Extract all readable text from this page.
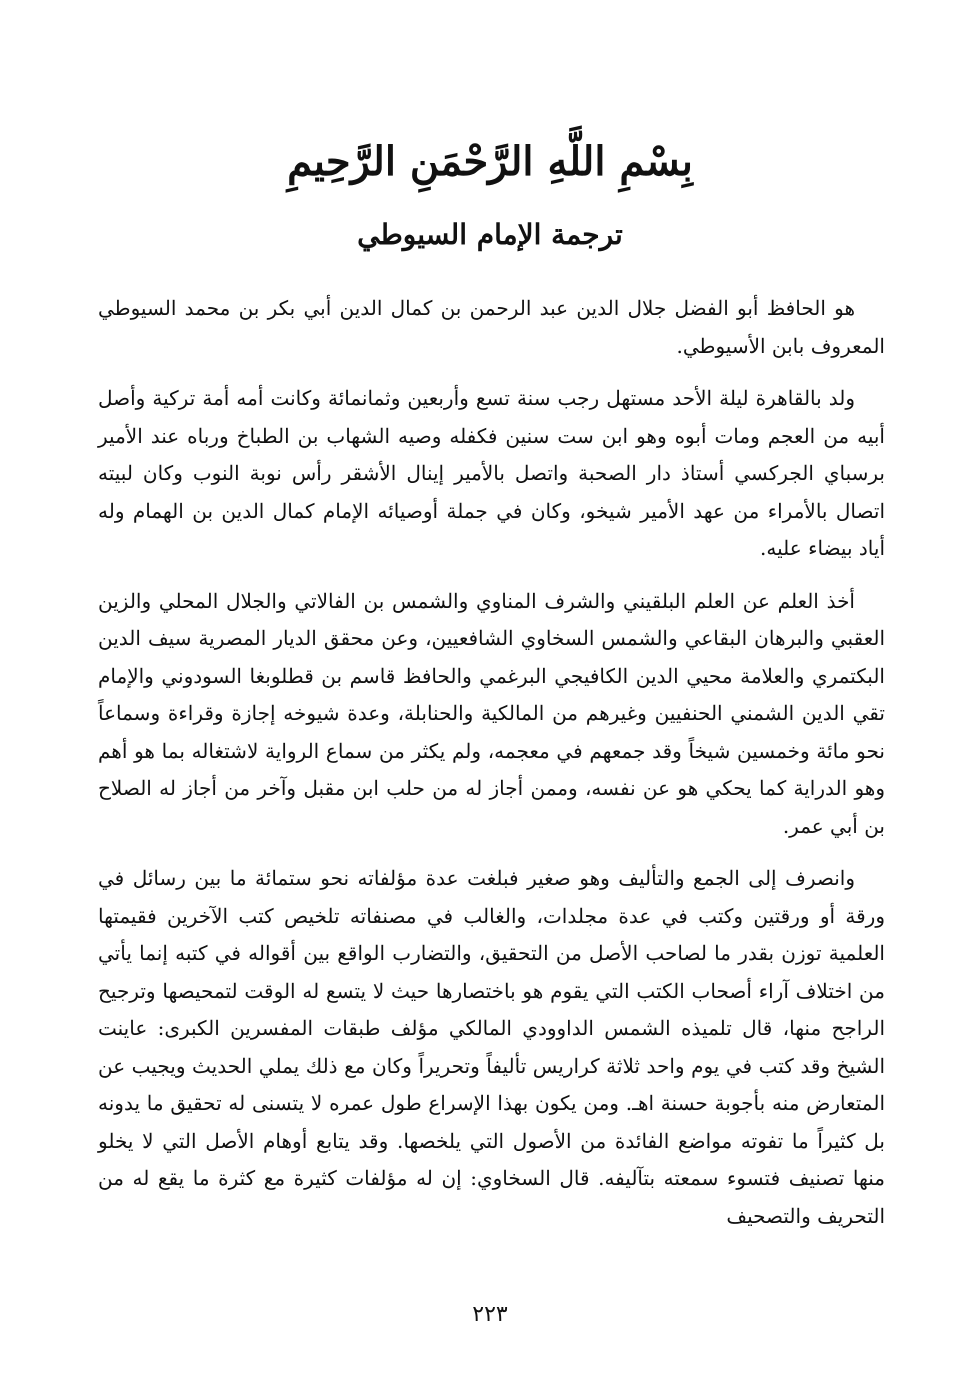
بِسْمِ اللَّهِ الرَّحْمَنِ الرَّحِيمِ
ترجمة الإمام السيوطي

هو الحافظ أبو الفضل جلال الدين عبد الرحمن بن كمال الدين أبي بكر بن محمد السيوطي المعروف بابن الأسيوطي.

ولد بالقاهرة ليلة الأحد مستهل رجب سنة تسع وأربعين وثمانمائة وكانت أمه أمة تركية وأصل أبيه من العجم ومات أبوه وهو ابن ست سنين فكفله وصيه الشهاب بن الطباخ ورباه عند الأمير برسباي الجركسي أستاذ دار الصحبة واتصل بالأمير إينال الأشقر رأس نوبة النوب وكان لبيته اتصال بالأمراء من عهد الأمير شيخو، وكان في جملة أوصيائه الإمام كمال الدين بن الهمام وله أياد بيضاء عليه.

أخذ العلم عن العلم البلقيني والشرف المناوي والشمس بن الفالاتي والجلال المحلي والزين العقبي والبرهان البقاعي والشمس السخاوي الشافعيين، وعن محقق الديار المصرية سيف الدين البكتمري والعلامة محيي الدين الكافيجي البرغمي والحافظ قاسم بن قطلوبغا السودوني والإمام تقي الدين الشمني الحنفيين وغيرهم من المالكية والحنابلة، وعدة شيوخه إجازة وقراءة وسماعاً نحو مائة وخمسين شيخاً وقد جمعهم في معجمه، ولم يكثر من سماع الرواية لاشتغاله بما هو أهم وهو الدراية كما يحكي هو عن نفسه، وممن أجاز له من حلب ابن مقبل وآخر من أجاز له الصلاح بن أبي عمر.

وانصرف إلى الجمع والتأليف وهو صغير فبلغت عدة مؤلفاته نحو ستمائة ما بين رسائل في ورقة أو ورقتين وكتب في عدة مجلدات، والغالب في مصنفاته تلخيص كتب الآخرين فقيمتها العلمية توزن بقدر ما لصاحب الأصل من التحقيق، والتضارب الواقع بين أقواله في كتبه إنما يأتي من اختلاف آراء أصحاب الكتب التي يقوم هو باختصارها حيث لا يتسع له الوقت لتمحيصها وترجيح الراجح منها، قال تلميذه الشمس الداوودي المالكي مؤلف طبقات المفسرين الكبرى: عاينت الشيخ وقد كتب في يوم واحد ثلاثة كراريس تأليفاً وتحريراً وكان مع ذلك يملي الحديث ويجيب عن المتعارض منه بأجوبة حسنة اهـ. ومن يكون بهذا الإسراع طول عمره لا يتسنى له تحقيق ما يدونه بل كثيراً ما تفوته مواضع الفائدة من الأصول التي يلخصها. وقد يتابع أوهام الأصل التي لا يخلو منها تصنيف فتسوء سمعته بتآليفه. قال السخاوي: إن له مؤلفات كثيرة مع كثرة ما يقع له من التحريف والتصحيف

٢٢٣
